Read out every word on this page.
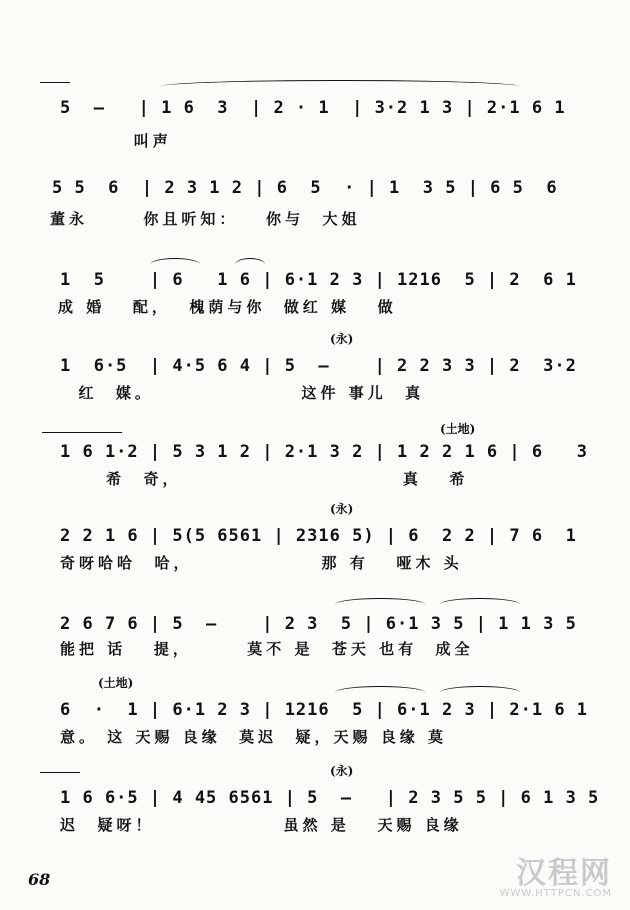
5  —   | 1 6  3  | 2 · 1  | 3·2 1 3 | 2·1 6 1
叫声
5 5  6  | 2 3 1 2 | 6  5  · | 1  3 5 | 6 5  6
董永      你且听知：   你与  大姐
1  5    | 6   1 6 | 6·1 2 3 | 1216  5 | 2  6 1
成 婚   配，  槐荫与你  做红 媒   做
(永)
1  6·5  | 4·5 6 4 | 5  —    | 2 2 3 3 | 2  3·2
红  媒。                这件 事儿  真
(土地)
1 6 1·2 | 5 3 1 2 | 2·1 3 2 | 1 2 2 1 6 | 6   3
希  奇，                        真   希
(永)
2 2 1 6 | 5(5 6561 | 2316 5) | 6  2 2 | 7 6  1
奇呀哈哈  哈，              那 有   哑木 头
2 6 7 6 | 5  —    | 2 3  5 | 6·1 3 5 | 1 1 3 5
能把 话   提，      莫不 是  苍天 也有  成全
(土地)
6  ·  1 | 6·1 2 3 | 1216  5 | 6·1 2 3 | 2·1 6 1
意。 这 天赐 良缘  莫迟  疑，天赐 良缘 莫
(永)
1 6 6·5 | 4 45 6561 | 5  —   | 2 3 5 5 | 6 1 3 5
迟  疑呀！              虽然 是   天赐 良缘
68	汉程网
WWW.HTTPCN.COM
